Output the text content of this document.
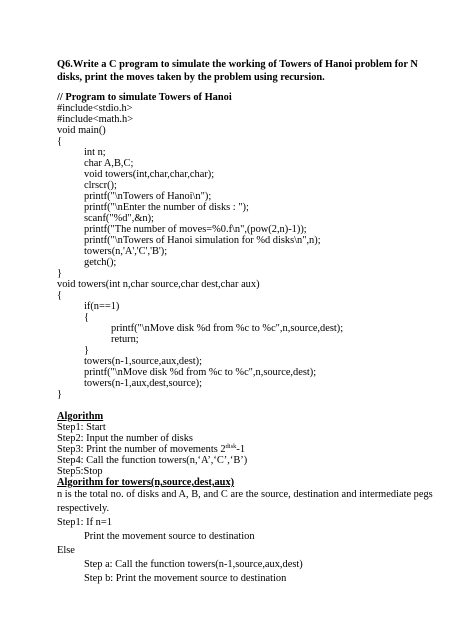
Q6.Write a C program to simulate the working of Towers of Hanoi problem for N disks, print the moves taken by the problem using recursion.
// Program to simulate Towers of Hanoi
#include<stdio.h>
#include<math.h>
void main()
{
int n;
char A,B,C;
void towers(int,char,char,char);
clrscr();
printf("\nTowers of Hanoi\n");
printf("\nEnter the number of disks : ");
scanf("%d",&n);
printf("The number of moves=%0.f\n",(pow(2,n)-1));
printf("\nTowers of Hanoi simulation for %d disks\n",n);
towers(n,'A','C','B');
getch();
}
void towers(int n,char source,char dest,char aux)
{
if(n==1)
{
printf("\nMove disk %d from %c to %c",n,source,dest);
return;
}
towers(n-1,source,aux,dest);
printf("\nMove disk %d from %c to %c",n,source,dest);
towers(n-1,aux,dest,source);
}
Algorithm
Step1: Start
Step2: Input the number of disks
Step3: Print the number of movements $2^{disk}-1$
Step4: Call the function towers(n,‘A’,‘C’,‘B’)
Step5:Stop
Algorithm for towers(n,source,dest,aux)
n is the total no. of disks and A, B, and C are the source, destination and intermediate pegs
respectively.
Step1: If n=1
Print the movement source to destination
Else
Step a: Call the function towers(n-1,source,aux,dest)
Step b: Print the movement source to destination
